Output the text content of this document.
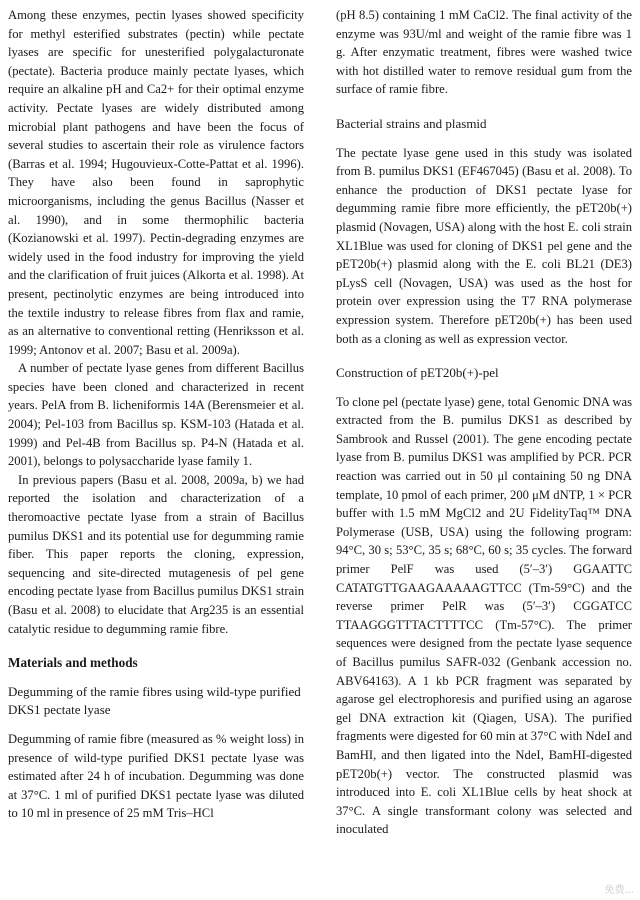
Among these enzymes, pectin lyases showed specificity for methyl esterified substrates (pectin) while pectate lyases are specific for unesterified polygalacturonate (pectate). Bacteria produce mainly pectate lyases, which require an alkaline pH and Ca2+ for their optimal enzyme activity. Pectate lyases are widely distributed among microbial plant pathogens and have been the focus of several studies to ascertain their role as virulence factors (Barras et al. 1994; Hugouvieux-Cotte-Pattat et al. 1996). They have also been found in saprophytic microorganisms, including the genus Bacillus (Nasser et al. 1990), and in some thermophilic bacteria (Kozianowski et al. 1997). Pectin-degrading enzymes are widely used in the food industry for improving the yield and the clarification of fruit juices (Alkorta et al. 1998). At present, pectinolytic enzymes are being introduced into the textile industry to release fibres from flax and ramie, as an alternative to conventional retting (Henriksson et al. 1999; Antonov et al. 2007; Basu et al. 2009a).

A number of pectate lyase genes from different Bacillus species have been cloned and characterized in recent years. PelA from B. licheniformis 14A (Berensmeier et al. 2004); Pel-103 from Bacillus sp. KSM-103 (Hatada et al. 1999) and Pel-4B from Bacillus sp. P4-N (Hatada et al. 2001), belongs to polysaccharide lyase family 1.

In previous papers (Basu et al. 2008, 2009a, b) we had reported the isolation and characterization of a theromoactive pectate lyase from a strain of Bacillus pumilus DKS1 and its potential use for degumming ramie fiber. This paper reports the cloning, expression, sequencing and site-directed mutagenesis of pel gene encoding pectate lyase from Bacillus pumilus DKS1 strain (Basu et al. 2008) to elucidate that Arg235 is an essential catalytic residue to degumming ramie fibre.

Materials and methods
Degumming of the ramie fibres using wild-type purified DKS1 pectate lyase

Degumming of ramie fibre (measured as % weight loss) in presence of wild-type purified DKS1 pectate lyase was estimated after 24 h of incubation. Degumming was done at 37°C. 1 ml of purified DKS1 pectate lyase was diluted to 10 ml in presence of 25 mM Tris–HCl

(pH 8.5) containing 1 mM CaCl2. The final activity of the enzyme was 93U/ml and weight of the ramie fibre was 1 g. After enzymatic treatment, fibres were washed twice with hot distilled water to remove residual gum from the surface of ramie fibre.

Bacterial strains and plasmid

The pectate lyase gene used in this study was isolated from B. pumilus DKS1 (EF467045) (Basu et al. 2008). To enhance the production of DKS1 pectate lyase for degumming ramie fibre more efficiently, the pET20b(+) plasmid (Novagen, USA) along with the host E. coli strain XL1Blue was used for cloning of DKS1 pel gene and the pET20b(+) plasmid along with the E. coli BL21 (DE3) pLysS cell (Novagen, USA) was used as the host for protein over expression using the T7 RNA polymerase expression system. Therefore pET20b(+) has been used both as a cloning as well as expression vector.

Construction of pET20b(+)-pel

To clone pel (pectate lyase) gene, total Genomic DNA was extracted from the B. pumilus DKS1 as described by Sambrook and Russel (2001). The gene encoding pectate lyase from B. pumilus DKS1 was amplified by PCR. PCR reaction was carried out in 50 μl containing 50 ng DNA template, 10 pmol of each primer, 200 μM dNTP, 1 × PCR buffer with 1.5 mM MgCl2 and 2U FidelityTaq™ DNA Polymerase (USB, USA) using the following program: 94°C, 30 s; 53°C, 35 s; 68°C, 60 s; 35 cycles. The forward primer PelF was used (5′–3′) GGAATTC CATATGTTGAAGAAAAAGTTCC (Tm-59°C) and the reverse primer PelR was (5′–3′) CGGATCC TTAAGGGTTTACTTTTCC (Tm-57°C). The primer sequences were designed from the pectate lyase sequence of Bacillus pumilus SAFR-032 (Genbank accession no. ABV64163). A 1 kb PCR fragment was separated by agarose gel electrophoresis and purified using an agarose gel DNA extraction kit (Qiagen, USA). The purified fragments were digested for 60 min at 37°C with NdeI and BamHI, and then ligated into the NdeI, BamHI-digested pET20b(+) vector. The constructed plasmid was introduced into E. coli XL1Blue cells by heat shock at 37°C. A single transformant colony was selected and inoculated

免费...
